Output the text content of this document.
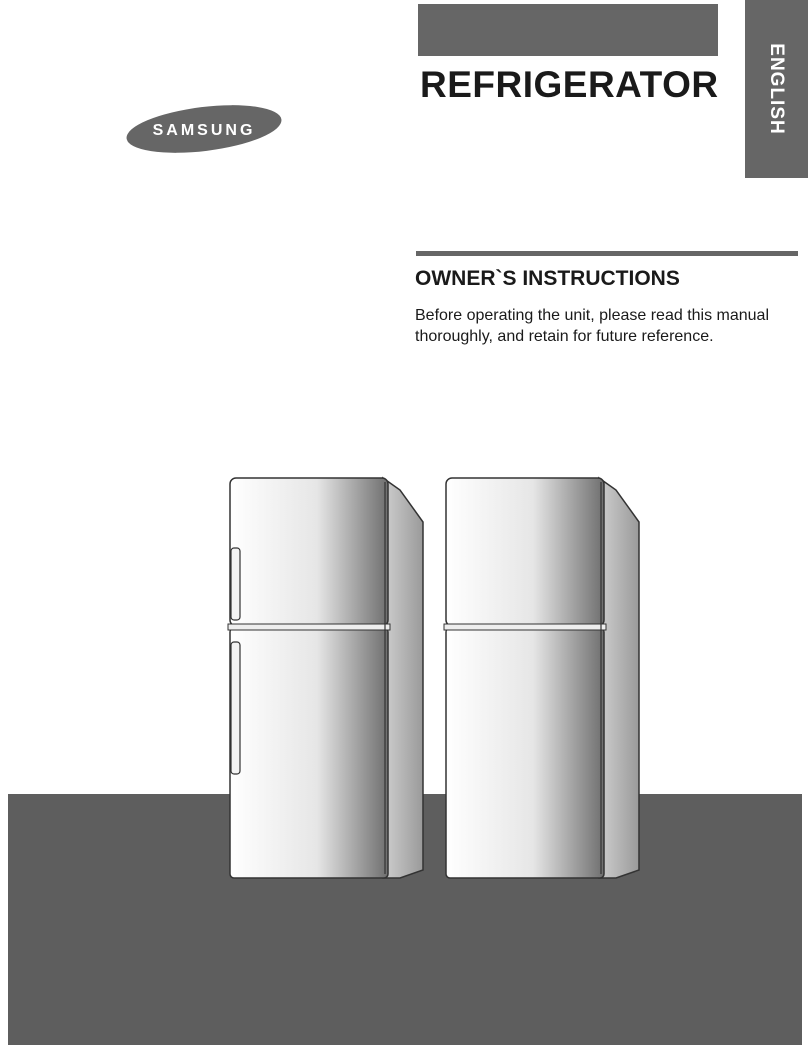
ENGLISH
REFRIGERATOR
SAMSUNG
OWNER`S INSTRUCTIONS

Before operating the unit, please read this manual thoroughly, and retain for future reference.
